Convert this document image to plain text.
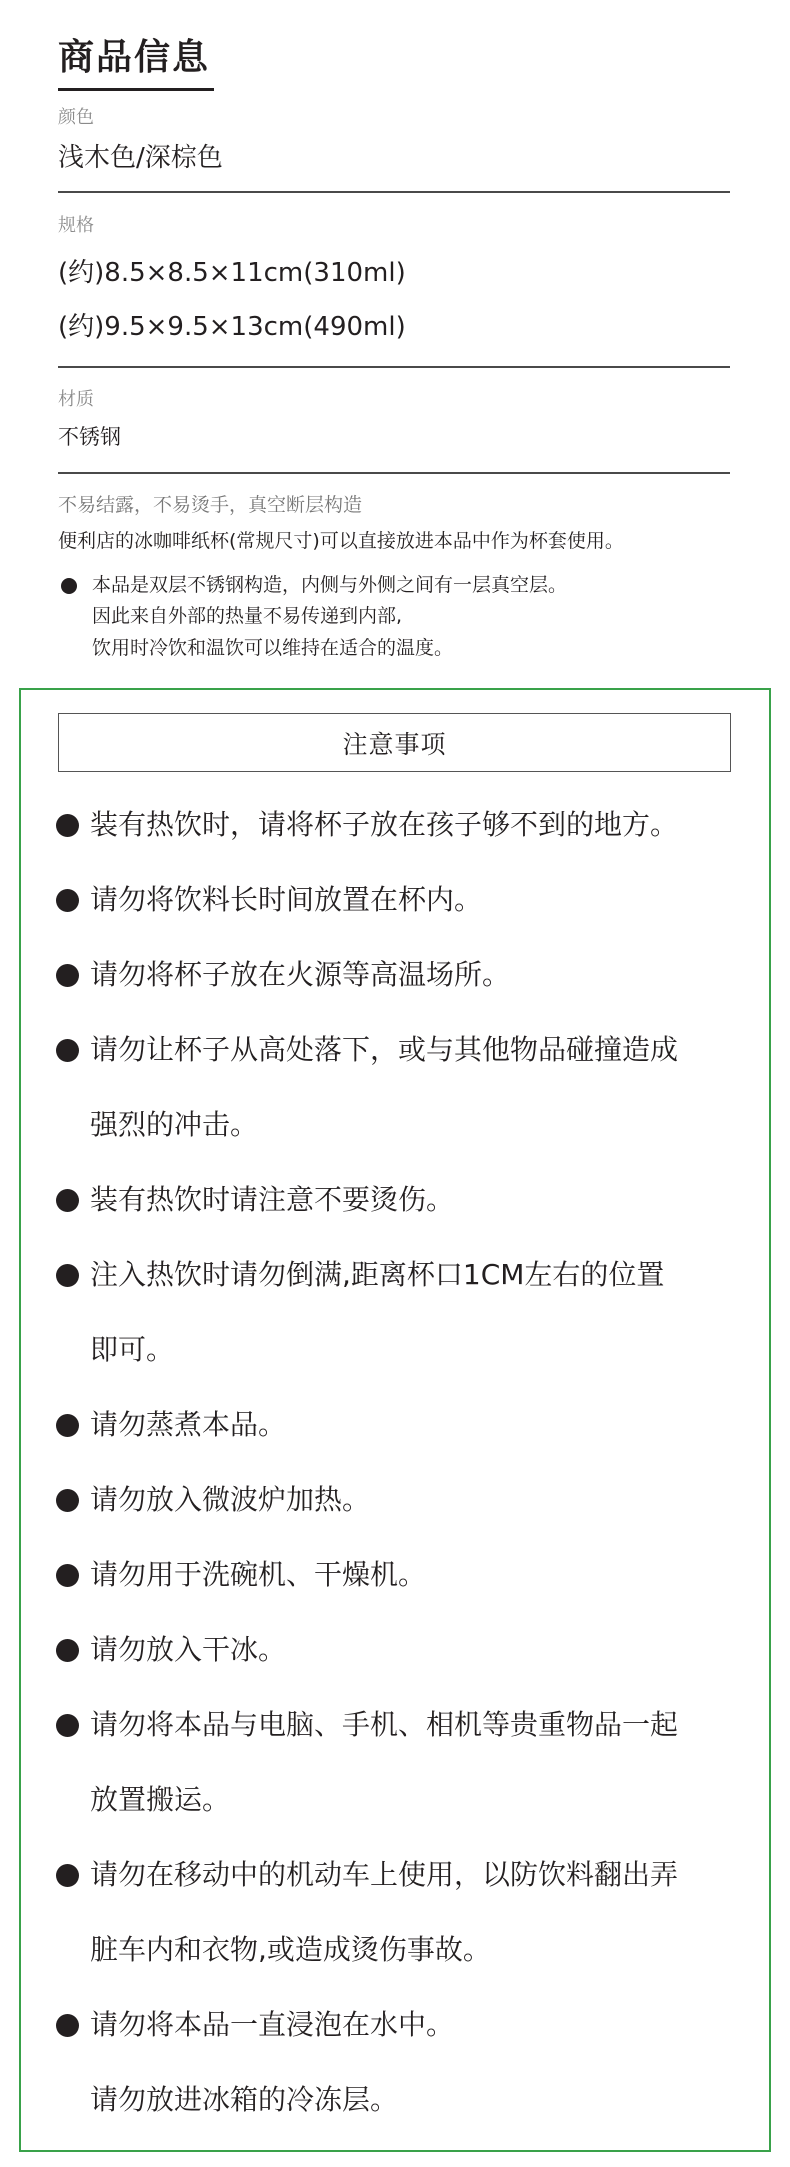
商品信息
颜色
浅木色/深棕色
规格
(约)8.5×8.5×11cm(310ml)
(约)9.5×9.5×13cm(490ml)
材质
不锈钢
不易结露，不易烫手，真空断层构造
便利店的冰咖啡纸杯(常规尺寸)可以直接放进本品中作为杯套使用。
本品是双层不锈钢构造，内侧与外侧之间有一层真空层。
因此来自外部的热量不易传递到内部,
饮用时冷饮和温饮可以维持在适合的温度。
注意事项
装有热饮时，请将杯子放在孩子够不到的地方。
请勿将饮料长时间放置在杯内。
请勿将杯子放在火源等高温场所。
请勿让杯子从高处落下，或与其他物品碰撞造成
强烈的冲击。
装有热饮时请注意不要烫伤。
注入热饮时请勿倒满,距离杯口1CM左右的位置
即可。
请勿蒸煮本品。
请勿放入微波炉加热。
请勿用于洗碗机、干燥机。
请勿放入干冰。
请勿将本品与电脑、手机、相机等贵重物品一起
放置搬运。
请勿在移动中的机动车上使用，以防饮料翻出弄
脏车内和衣物,或造成烫伤事故。
请勿将本品一直浸泡在水中。
请勿放进冰箱的冷冻层。
